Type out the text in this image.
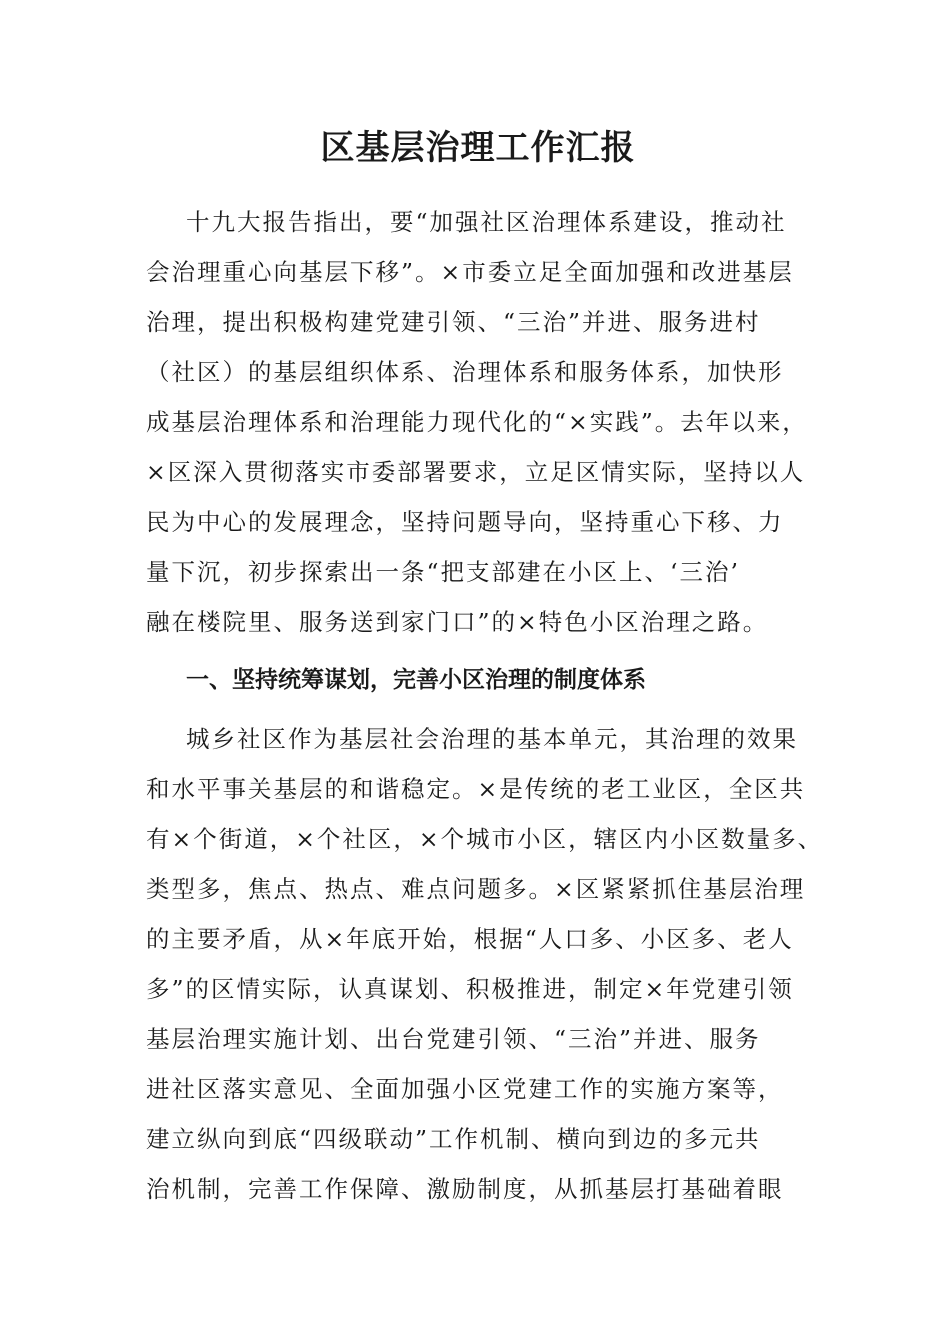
区基层治理工作汇报
十九大报告指出，要“加强社区治理体系建设，推动社
会治理重心向基层下移”。×市委立足全面加强和改进基层
治理，提出积极构建党建引领、“三治”并进、服务进村
（社区）的基层组织体系、治理体系和服务体系，加快形
成基层治理体系和治理能力现代化的“×实践”。去年以来，
×区深入贯彻落实市委部署要求，立足区情实际，坚持以人
民为中心的发展理念，坚持问题导向，坚持重心下移、力
量下沉，初步探索出一条“把支部建在小区上、‘三治’
融在楼院里、服务送到家门口”的×特色小区治理之路。
一、坚持统筹谋划，完善小区治理的制度体系
城乡社区作为基层社会治理的基本单元，其治理的效果
和水平事关基层的和谐稳定。×是传统的老工业区，全区共
有×个街道，×个社区，×个城市小区，辖区内小区数量多、
类型多，焦点、热点、难点问题多。×区紧紧抓住基层治理
的主要矛盾，从×年底开始，根据“人口多、小区多、老人
多”的区情实际，认真谋划、积极推进，制定×年党建引领
基层治理实施计划、出台党建引领、“三治”并进、服务
进社区落实意见、全面加强小区党建工作的实施方案等，
建立纵向到底“四级联动”工作机制、横向到边的多元共
治机制，完善工作保障、激励制度，从抓基层打基础着眼
